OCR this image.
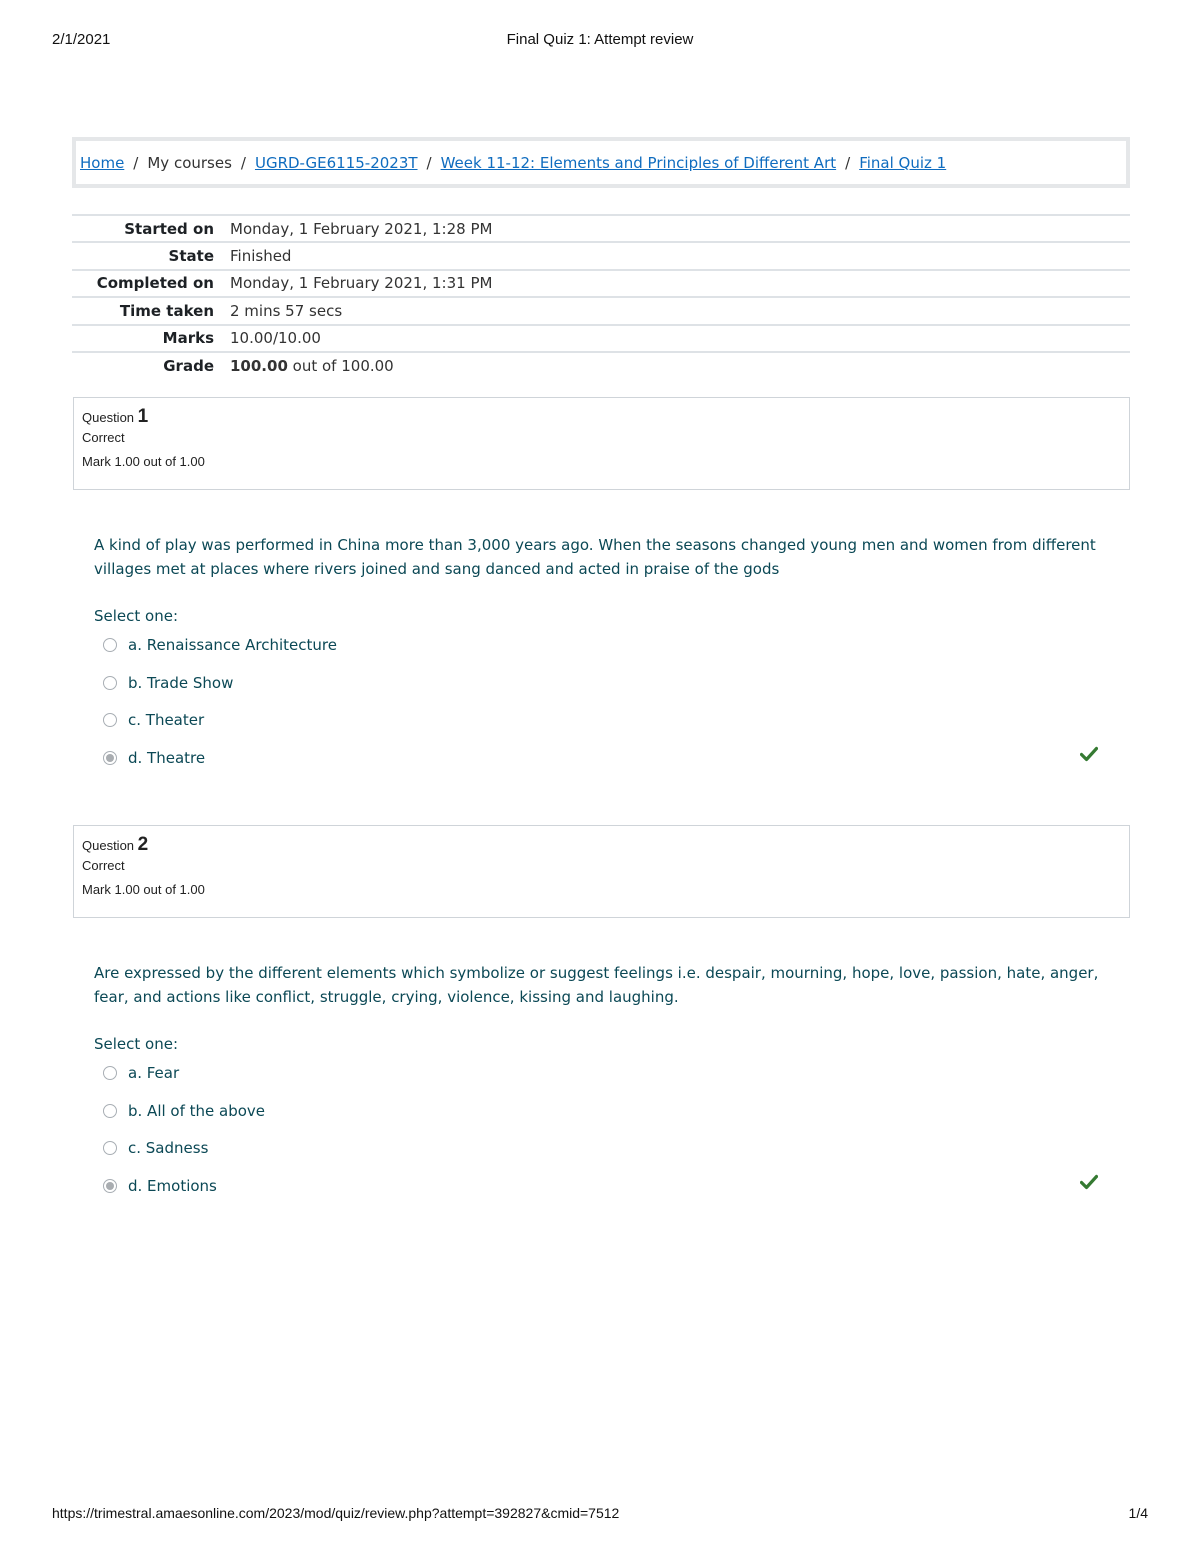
2/1/2021	Final Quiz 1: Attempt review
Home / My courses / UGRD-GE6115-2023T / Week 11-12: Elements and Principles of Different Art / Final Quiz 1
Started on	Monday, 1 February 2021, 1:28 PM
State	Finished
Completed on	Monday, 1 February 2021, 1:31 PM
Time taken	2 mins 57 secs
Marks	10.00/10.00
Grade	100.00 out of 100.00
Question 1
Correct
Mark 1.00 out of 1.00
A kind of play was performed in China more than 3,000 years ago. When the seasons changed young men and women from different villages met at places where rivers joined and sang danced and acted in praise of the gods
Select one:
a. Renaissance Architecture
b. Trade Show
c. Theater
d. Theatre
Question 2
Correct
Mark 1.00 out of 1.00
Are expressed by the different elements which symbolize or suggest feelings i.e. despair, mourning, hope, love, passion, hate, anger, fear, and actions like conflict, struggle, crying, violence, kissing and laughing.
Select one:
a. Fear
b. All of the above
c. Sadness
d. Emotions
https://trimestral.amaesonline.com/2023/mod/quiz/review.php?attempt=392827&cmid=7512	1/4
